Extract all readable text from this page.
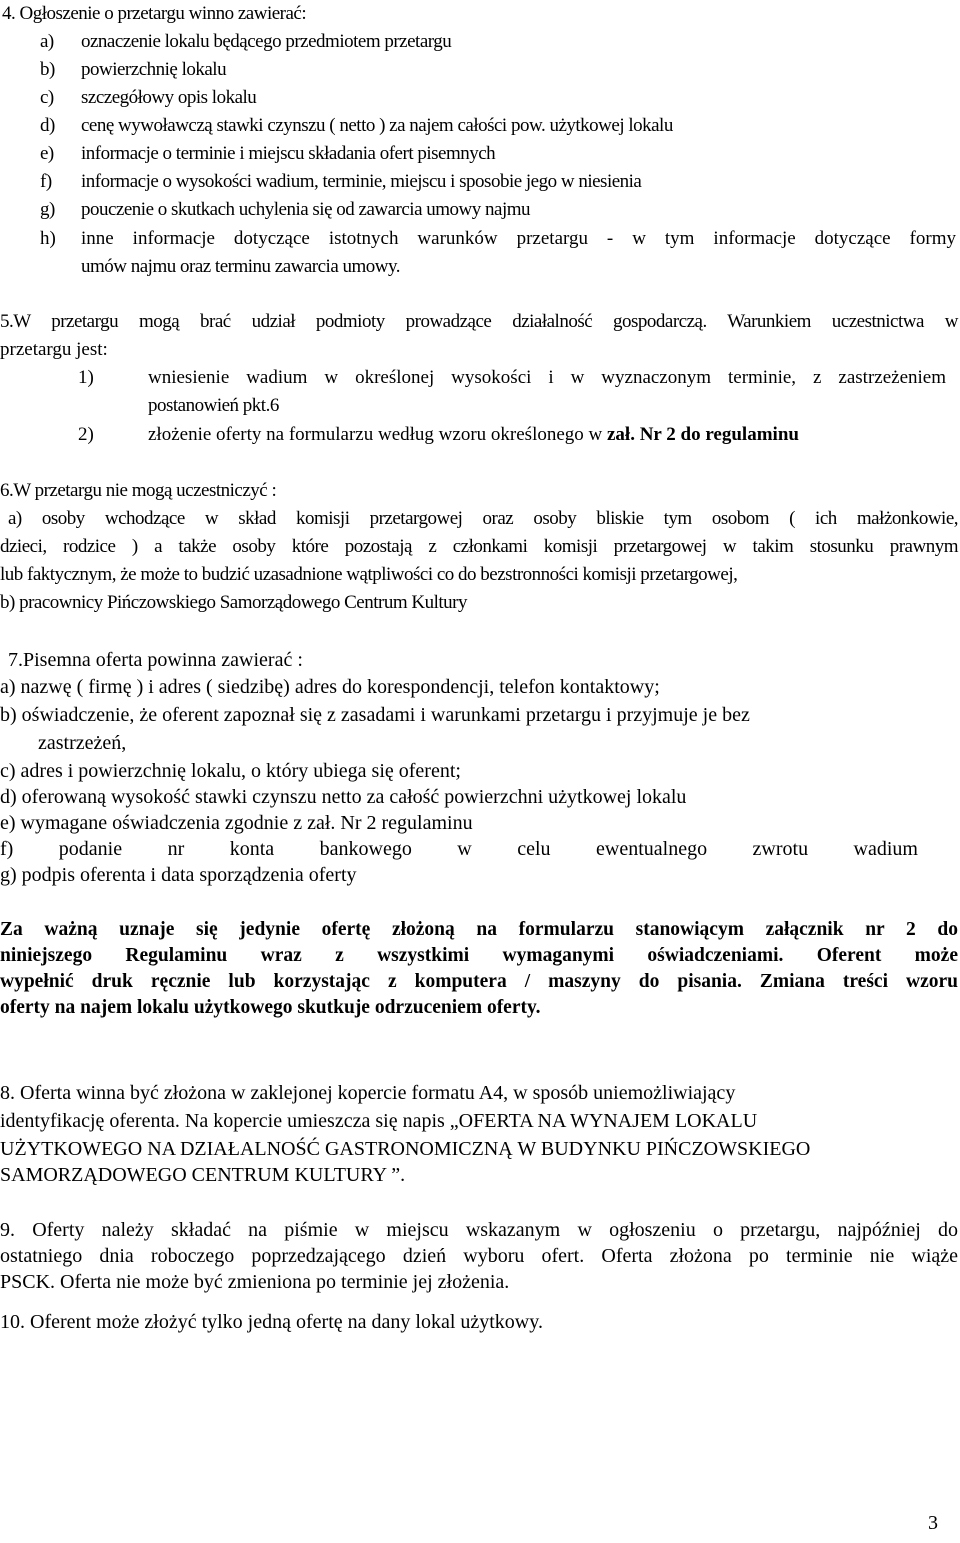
4. Ogłoszenie o przetargu winno zawierać:

a) oznaczenie lokalu będącego przedmiotem przetargu
b) powierzchnię lokalu
c) szczegółowy opis lokalu
d) cenę wywoławczą stawki czynszu ( netto ) za najem całości pow. użytkowej lokalu
e) informacje o terminie i miejscu składania ofert pisemnych
f) informacje o wysokości wadium, terminie, miejscu i sposobie jego w niesienia
g) pouczenie o skutkach uchylenia się od zawarcia umowy najmu
h) inne informacje dotyczące istotnych warunków przetargu - w tym informacje dotyczące formy

umów najmu oraz terminu zawarcia umowy.

5.W przetargu mogą brać udział podmioty prowadzące działalność gospodarczą. Warunkiem uczestnictwa w

przetargu jest:

1)	wniesienie wadium w określonej wysokości i w wyznaczonym terminie, z zastrzeżeniem

postanowień pkt.6
2)	złożenie oferty na formularzu według wzoru określonego w zał. Nr 2 do regulaminu

6.W przetargu nie mogą uczestniczyć :

a) osoby wchodzące w skład komisji przetargowej oraz osoby bliskie tym osobom ( ich małżonkowie,

dzieci, rodzice ) a także osoby które pozostają z członkami komisji przetargowej w takim stosunku prawnym

lub faktycznym, że może to budzić uzasadnione wątpliwości co do bezstronności komisji przetargowej,

b) pracownicy Pińczowskiego Samorządowego Centrum Kultury

7.Pisemna oferta powinna zawierać :

a) nazwę ( firmę ) i adres ( siedzibę) adres do korespondencji, telefon kontaktowy;

b) oświadczenie, że oferent zapoznał się z zasadami i warunkami przetargu i przyjmuje je bez

zastrzeżeń,

c) adres i powierzchnię lokalu, o który ubiega się oferent;

d) oferowaną wysokość stawki czynszu netto za całość powierzchni użytkowej lokalu

e) wymagane oświadczenia zgodnie z zał. Nr 2 regulaminu

f) podanie nr konta bankowego w celu ewentualnego zwrotu wadium

g) podpis oferenta i data sporządzenia oferty

Za ważną uznaje się jedynie ofertę złożoną na formularzu stanowiącym załącznik nr 2 do

niniejszego Regulaminu wraz z wszystkimi wymaganymi oświadczeniami. Oferent może

wypełnić druk ręcznie lub korzystając z komputera / maszyny do pisania. Zmiana treści wzoru

oferty na najem lokalu użytkowego skutkuje odrzuceniem oferty.

8. Oferta winna być złożona w zaklejonej kopercie formatu A4, w sposób uniemożliwiający

identyfikację oferenta. Na kopercie umieszcza się napis „OFERTA NA WYNAJEM LOKALU

UŻYTKOWEGO NA DZIAŁALNOŚĆ GASTRONOMICZNĄ W BUDYNKU PIŃCZOWSKIEGO

SAMORZĄDOWEGO CENTRUM KULTURY ”.

9. Oferty należy składać na piśmie w miejscu wskazanym w ogłoszeniu o przetargu, najpóźniej do

ostatniego dnia roboczego poprzedzającego dzień wyboru ofert. Oferta złożona po terminie nie wiąże

PSCK. Oferta nie może być zmieniona po terminie jej złożenia.

10. Oferent może złożyć tylko jedną ofertę na dany lokal użytkowy.

3
